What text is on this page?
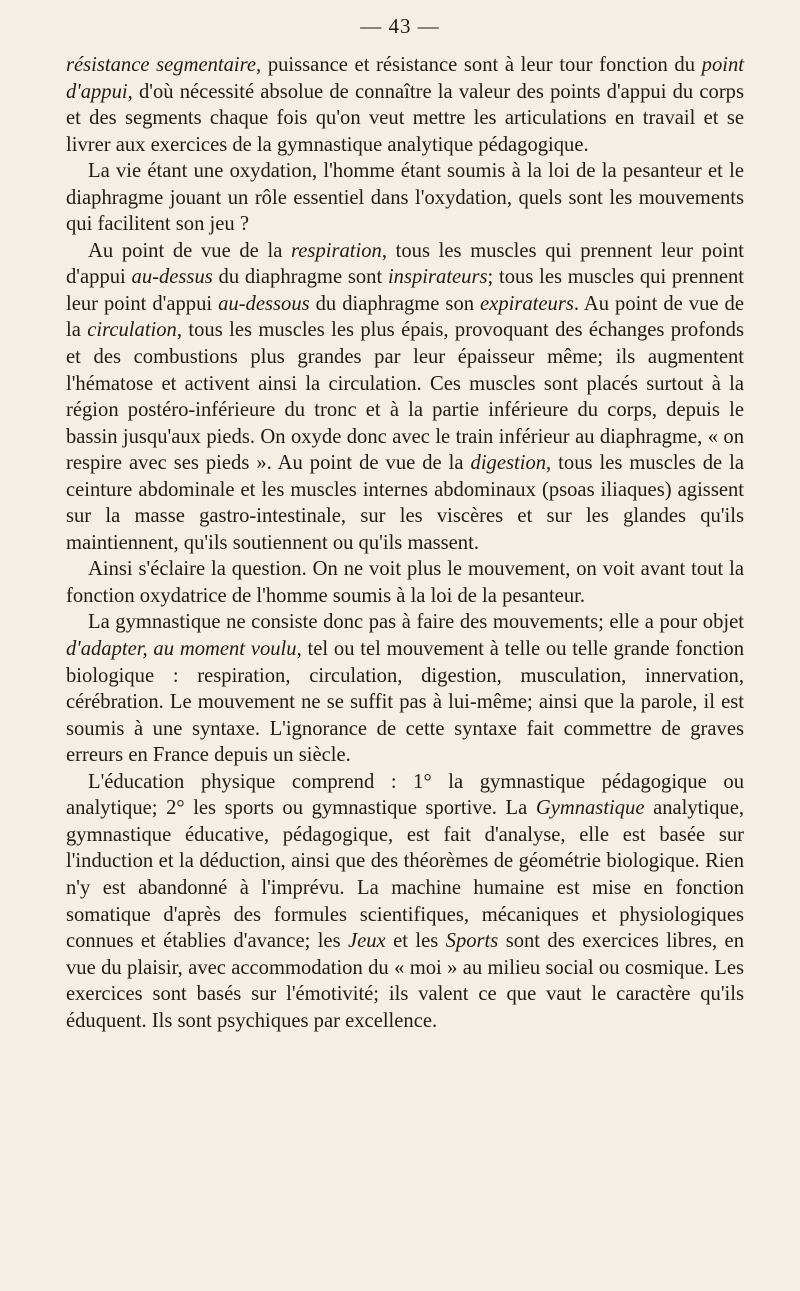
— 43 —

résistance segmentaire, puissance et résistance sont à leur tour fonction du point d'appui, d'où nécessité absolue de connaître la valeur des points d'appui du corps et des segments chaque fois qu'on veut mettre les articulations en travail et se livrer aux exercices de la gymnastique analytique pédagogique.

La vie étant une oxydation, l'homme étant soumis à la loi de la pesanteur et le diaphragme jouant un rôle essentiel dans l'oxydation, quels sont les mouvements qui facilitent son jeu ?

Au point de vue de la respiration, tous les muscles qui prennent leur point d'appui au-dessus du diaphragme sont inspirateurs; tous les muscles qui prennent leur point d'appui au-dessous du diaphragme son expirateurs. Au point de vue de la circulation, tous les muscles les plus épais, provoquant des échanges profonds et des combustions plus grandes par leur épaisseur même; ils augmentent l'hématose et activent ainsi la circulation. Ces muscles sont placés surtout à la région postéro-inférieure du tronc et à la partie inférieure du corps, depuis le bassin jusqu'aux pieds. On oxyde donc avec le train inférieur au diaphragme, « on respire avec ses pieds ». Au point de vue de la digestion, tous les muscles de la ceinture abdominale et les muscles internes abdominaux (psoas iliaques) agissent sur la masse gastro-intestinale, sur les viscères et sur les glandes qu'ils maintiennent, qu'ils soutiennent ou qu'ils massent.

Ainsi s'éclaire la question. On ne voit plus le mouvement, on voit avant tout la fonction oxydatrice de l'homme soumis à la loi de la pesanteur.

La gymnastique ne consiste donc pas à faire des mouvements; elle a pour objet d'adapter, au moment voulu, tel ou tel mouvement à telle ou telle grande fonction biologique : respiration, circulation, digestion, musculation, innervation, cérébration. Le mouvement ne se suffit pas à lui-même; ainsi que la parole, il est soumis à une syntaxe. L'ignorance de cette syntaxe fait commettre de graves erreurs en France depuis un siècle.

L'éducation physique comprend : 1° la gymnastique pédagogique ou analytique; 2° les sports ou gymnastique sportive. La Gymnastique analytique, gymnastique éducative, pédagogique, est fait d'analyse, elle est basée sur l'induction et la déduction, ainsi que des théorèmes de géométrie biologique. Rien n'y est abandonné à l'imprévu. La machine humaine est mise en fonction somatique d'après des formules scientifiques, mécaniques et physiologiques connues et établies d'avance; les Jeux et les Sports sont des exercices libres, en vue du plaisir, avec accommodation du « moi » au milieu social ou cosmique. Les exercices sont basés sur l'émotivité; ils valent ce que vaut le caractère qu'ils éduquent. Ils sont psychiques par excellence.
